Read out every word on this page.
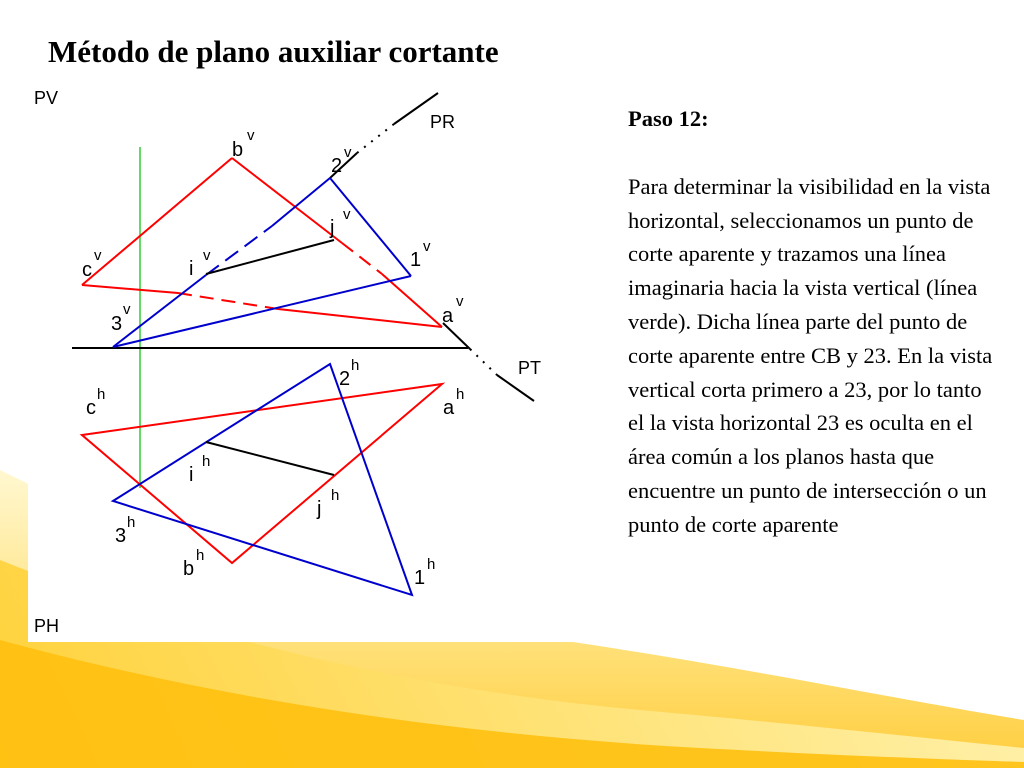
Método de plano auxiliar cortante
PV
PR
PT
PH
b
v
2
v
j
v
c
v
i
v	1
v
3
v	a
v
2
h
c
h
a
h
i
h
j
h
3
h
b
h
1
h

Paso 12:

Para determinar la visibilidad en la vista horizontal, seleccionamos un punto de corte aparente y trazamos una línea imaginaria hacia la vista vertical (línea verde). Dicha línea parte del punto de corte aparente entre CB y 23. En la vista vertical corta primero a 23, por lo tanto el la vista horizontal 23 es oculta en el área común a los planos hasta que encuentre un punto de intersección o un punto de corte aparente
